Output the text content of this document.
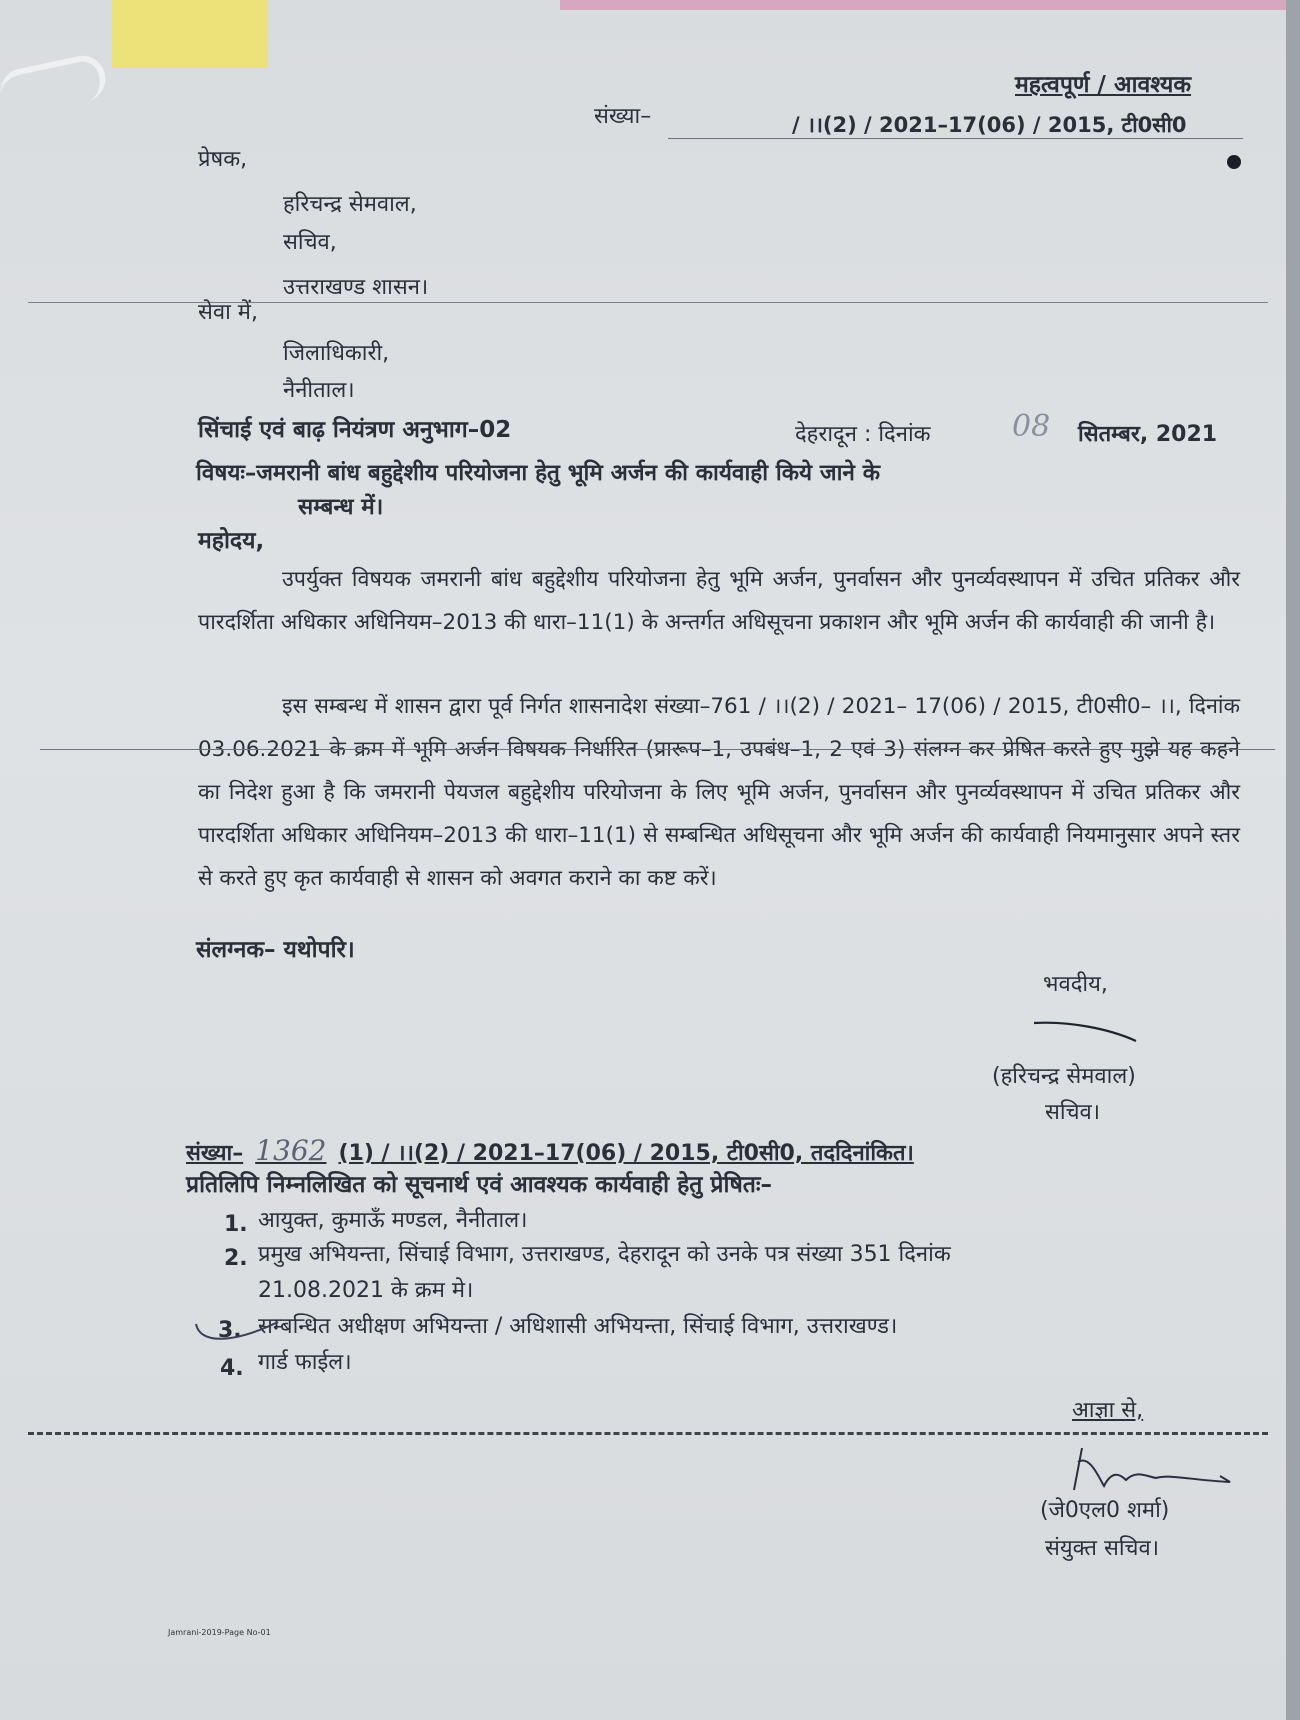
महत्वपूर्ण / आवश्यक
संख्या–	/ ।।(2) / 2021–17(06) / 2015, टी0सी0
प्रेषक,
हरिचन्द्र सेमवाल,
सचिव,
उत्तराखण्ड शासन।
सेवा में,
जिलाधिकारी,
नैनीताल।
सिंचाई एवं बाढ़ नियंत्रण अनुभाग–02	देहरादून : दिनांक	08 सितम्बर, 2021
विषयः–जमरानी बांध बहुद्देशीय परियोजना हेतु भूमि अर्जन की कार्यवाही किये जाने के
सम्बन्ध में।
महोदय,
उपर्युक्त विषयक जमरानी बांध बहुद्देशीय परियोजना हेतु भूमि अर्जन, पुनर्वासन और पुनर्व्यवस्थापन में उचित प्रतिकर और पारदर्शिता अधिकार अधिनियम–2013 की धारा–11(1) के अन्तर्गत अधिसूचना प्रकाशन और भूमि अर्जन की कार्यवाही की जानी है।
इस सम्बन्ध में शासन द्वारा पूर्व निर्गत शासनादेश संख्या–761 / ।।(2) / 2021– 17(06) / 2015, टी0सी0– ।।, दिनांक 03.06.2021 के क्रम में भूमि अर्जन विषयक निर्धारित (प्रारूप–1, उपबंध–1, 2 एवं 3) संलग्न कर प्रेषित करते हुए मुझे यह कहने का निदेश हुआ है कि जमरानी पेयजल बहुद्देशीय परियोजना के लिए भूमि अर्जन, पुनर्वासन और पुनर्व्यवस्थापन में उचित प्रतिकर और पारदर्शिता अधिकार अधिनियम–2013 की धारा–11(1) से सम्बन्धित अधिसूचना और भूमि अर्जन की कार्यवाही नियमानुसार अपने स्तर से करते हुए कृत कार्यवाही से शासन को अवगत कराने का कष्ट करें।
संलग्नक– यथोपरि।
भवदीय,
(हरिचन्द्र सेमवाल)
सचिव।
संख्या– 1362 (1) / ।।(2) / 2021–17(06) / 2015, टी0सी0, तददिनांकित।
प्रतिलिपि निम्नलिखित को सूचनार्थ एवं आवश्यक कार्यवाही हेतु प्रेषितः–
1. आयुक्त, कुमाऊँ मण्डल, नैनीताल।
2. प्रमुख अभियन्ता, सिंचाई विभाग, उत्तराखण्ड, देहरादून को उनके पत्र संख्या 351 दिनांक
21.08.2021 के क्रम मे।
3. सम्बन्धित अधीक्षण अभियन्ता / अधिशासी अभियन्ता, सिंचाई विभाग, उत्तराखण्ड।
4. गार्ड फाईल।
आज्ञा से,
(जे0एल0 शर्मा)
संयुक्त सचिव।
Jamrani-2019-Page No-01
